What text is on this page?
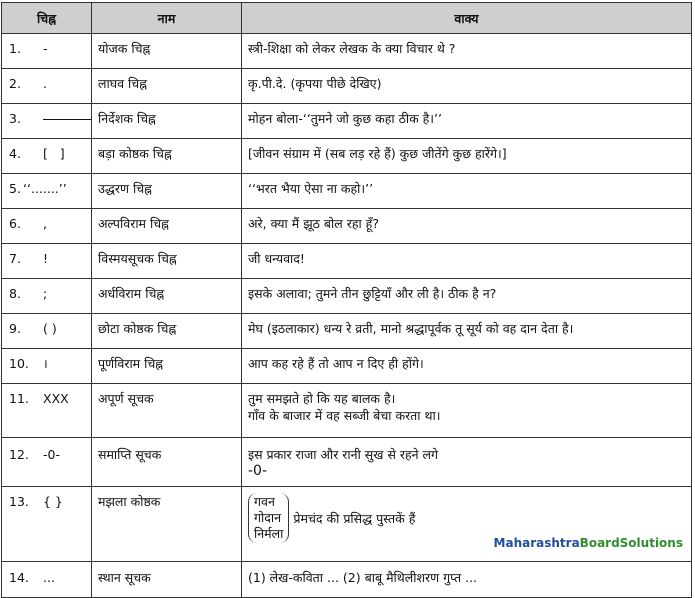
चिह्न	नाम	वाक्य
1. -	योजक चिह्न	स्त्री-शिक्षा को लेकर लेखक के क्या विचार थे ?
2. .	लाघव चिह्न	कृ.पी.दे. (कृपया पीछे देखिए)
3.	निर्देशक चिह्न	मोहन बोला-‘‘तुमने जो कुछ कहा ठीक है।’’
4. [   ]	बड़ा कोष्ठक चिह्न	[जीवन संग्राम में (सब लड़ रहे हैं) कुछ जीतेंगे कुछ हारेंगे।]
5. ‘‘.......’’	उद्धरण चिह्न	‘‘भरत भैया ऐसा ना कहो।’’
6. ,	अल्पविराम चिह्न	अरे, क्या मैं झूठ बोल रहा हूँ?
7. !	विस्मयसूचक चिह्न	जी धन्यवाद!
8. ;	अर्धविराम चिह्न	इसके अलावा; तुमने तीन छुट्टियाँ और ली है। ठीक है न?
9. ( )	छोटा कोष्ठक चिह्न	मेघ (इठलाकार) धन्य रे व्रती, मानो श्रद्धापूर्वक तू सूर्य को वह दान देता है।
10. ।	पूर्णविराम चिह्न	आप कह रहे हैं तो आप न दिए ही होंगे।
11. XXX	अपूर्ण सूचक	तुम समझते हो कि यह बालक है।
गाँव के बाजार में वह सब्जी बेचा करता था।

12. -0-	समाप्ति सूचक	इस प्रकार राजा और रानी सुख से रहने लगे
-0-

13. { }	मझला कोष्ठक	गवन
गोदान
निर्मला
प्रेमचंद की प्रसिद्ध पुस्तकें हैं

14. ...	स्थान सूचक	(1) लेख-कविता ... (2) बाबू मैथिलीशरण गुप्त ...
MaharashtraBoardSolutions
